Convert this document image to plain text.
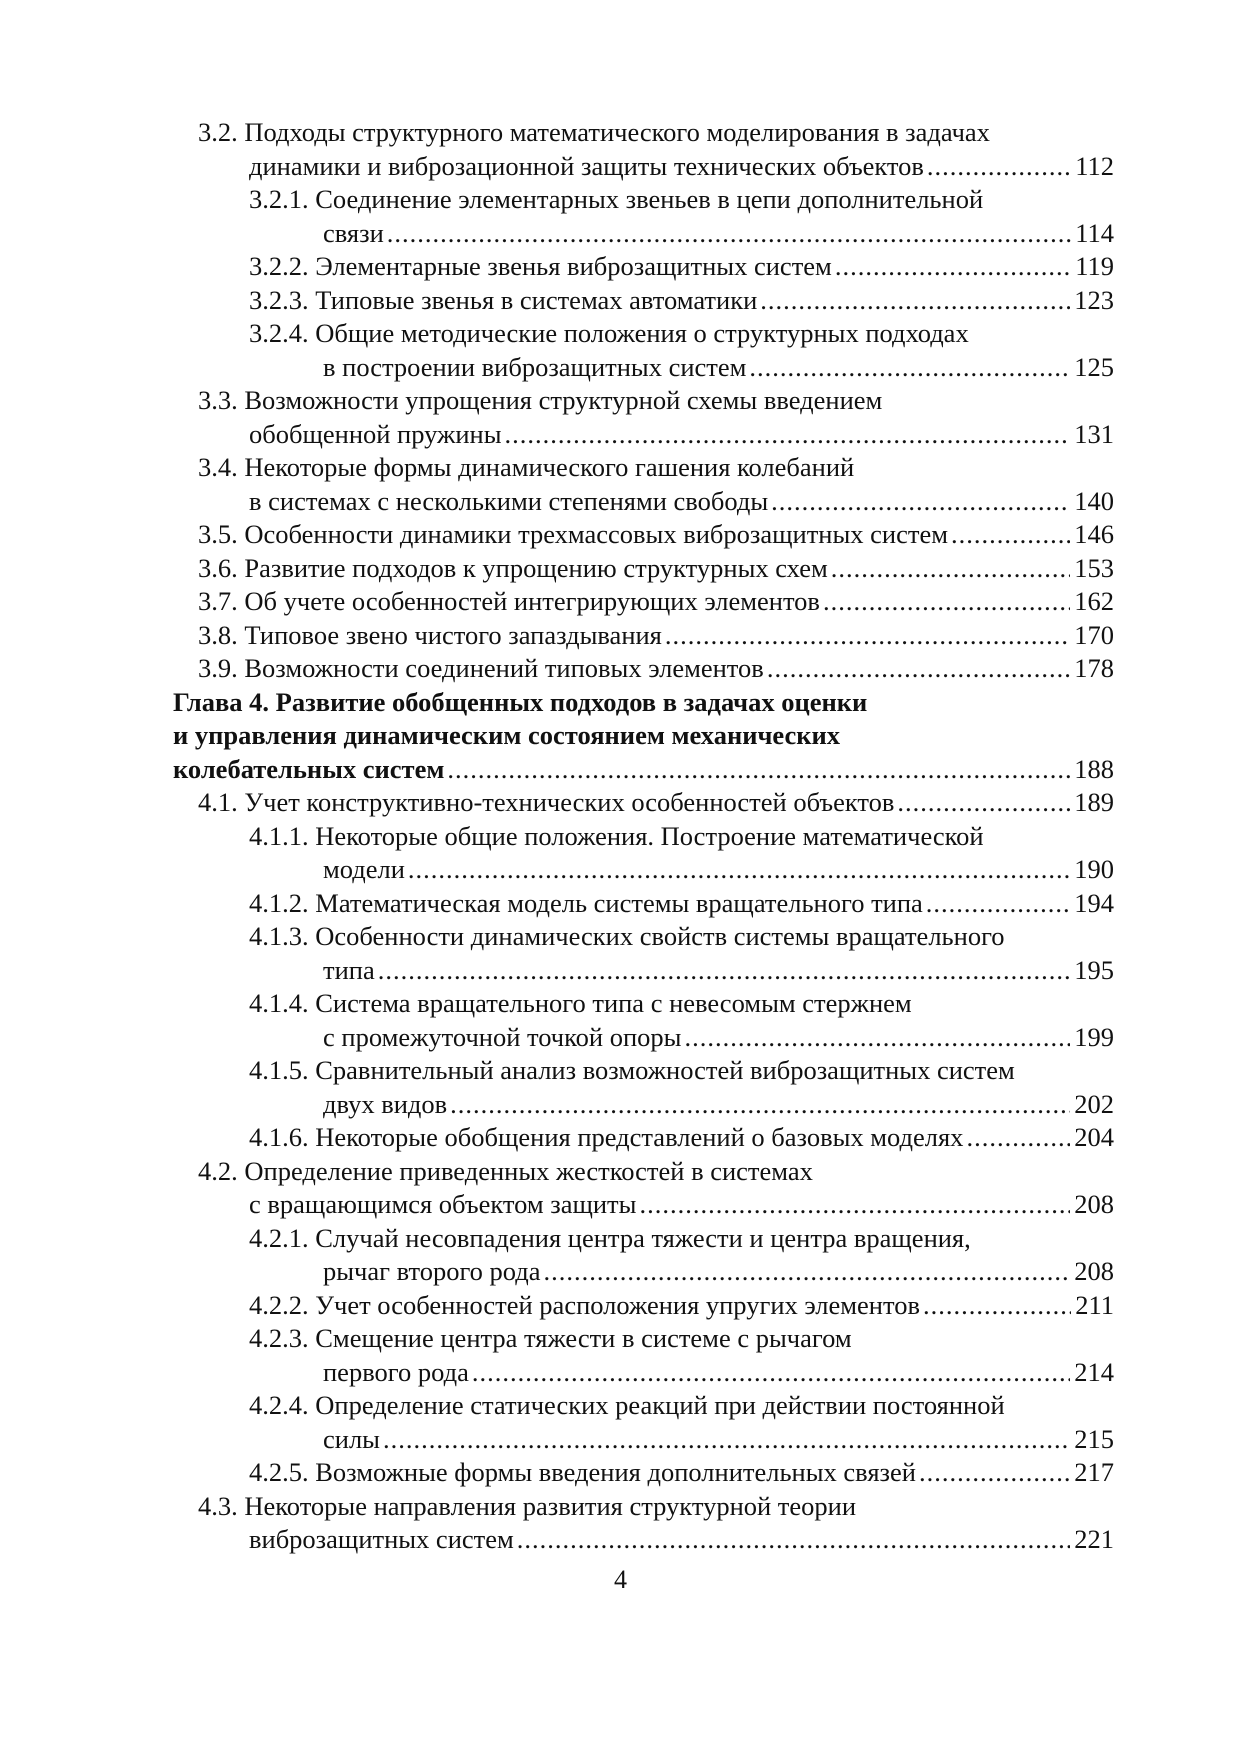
3.2. Подходы структурного математического моделирования в задачах
динамики и виброзационной защиты технических объектов .....	112
3.2.1. Соединение элементарных звеньев в цепи дополнительной
связи .....	114
3.2.2. Элементарные звенья виброзащитных систем .....	119
3.2.3. Типовые звенья в системах автоматики .....	123
3.2.4. Общие методические положения о структурных подходах
в построении виброзащитных систем .....	125
3.3. Возможности упрощения структурной схемы введением
обобщенной пружины .....	131
3.4. Некоторые формы динамического гашения колебаний
в системах с несколькими степенями свободы .....	140
3.5. Особенности динамики трехмассовых виброзащитных систем .....	146
3.6. Развитие подходов к упрощению структурных схем .....	153
3.7. Об учете особенностей интегрирующих элементов .....	162
3.8. Типовое звено чистого запаздывания .....	170
3.9. Возможности соединений типовых элементов .....	178
Глава 4. Развитие обобщенных подходов в задачах оценки
и управления динамическим состоянием механических
колебательных систем .....	188
4.1. Учет конструктивно-технических особенностей объектов .....	189
4.1.1. Некоторые общие положения. Построение математической
модели .....	190
4.1.2. Математическая модель системы вращательного типа .....	194
4.1.3. Особенности динамических свойств системы вращательного
типа .....	195
4.1.4. Система вращательного типа с невесомым стержнем
с промежуточной точкой опоры .....	199
4.1.5. Сравнительный анализ возможностей виброзащитных систем
двух видов .....	202
4.1.6. Некоторые обобщения представлений о базовых моделях .....	204
4.2. Определение приведенных жесткостей в системах
с вращающимся объектом защиты .....	208
4.2.1. Случай несовпадения центра тяжести и центра вращения,
рычаг второго рода .....	208
4.2.2. Учет особенностей расположения упругих элементов .....	211
4.2.3. Смещение центра тяжести в системе с рычагом
первого рода .....	214
4.2.4. Определение статических реакций при действии постоянной
силы .....	215
4.2.5. Возможные формы введения дополнительных связей .....	217
4.3. Некоторые направления развития структурной теории
виброзащитных систем .....	221
4
